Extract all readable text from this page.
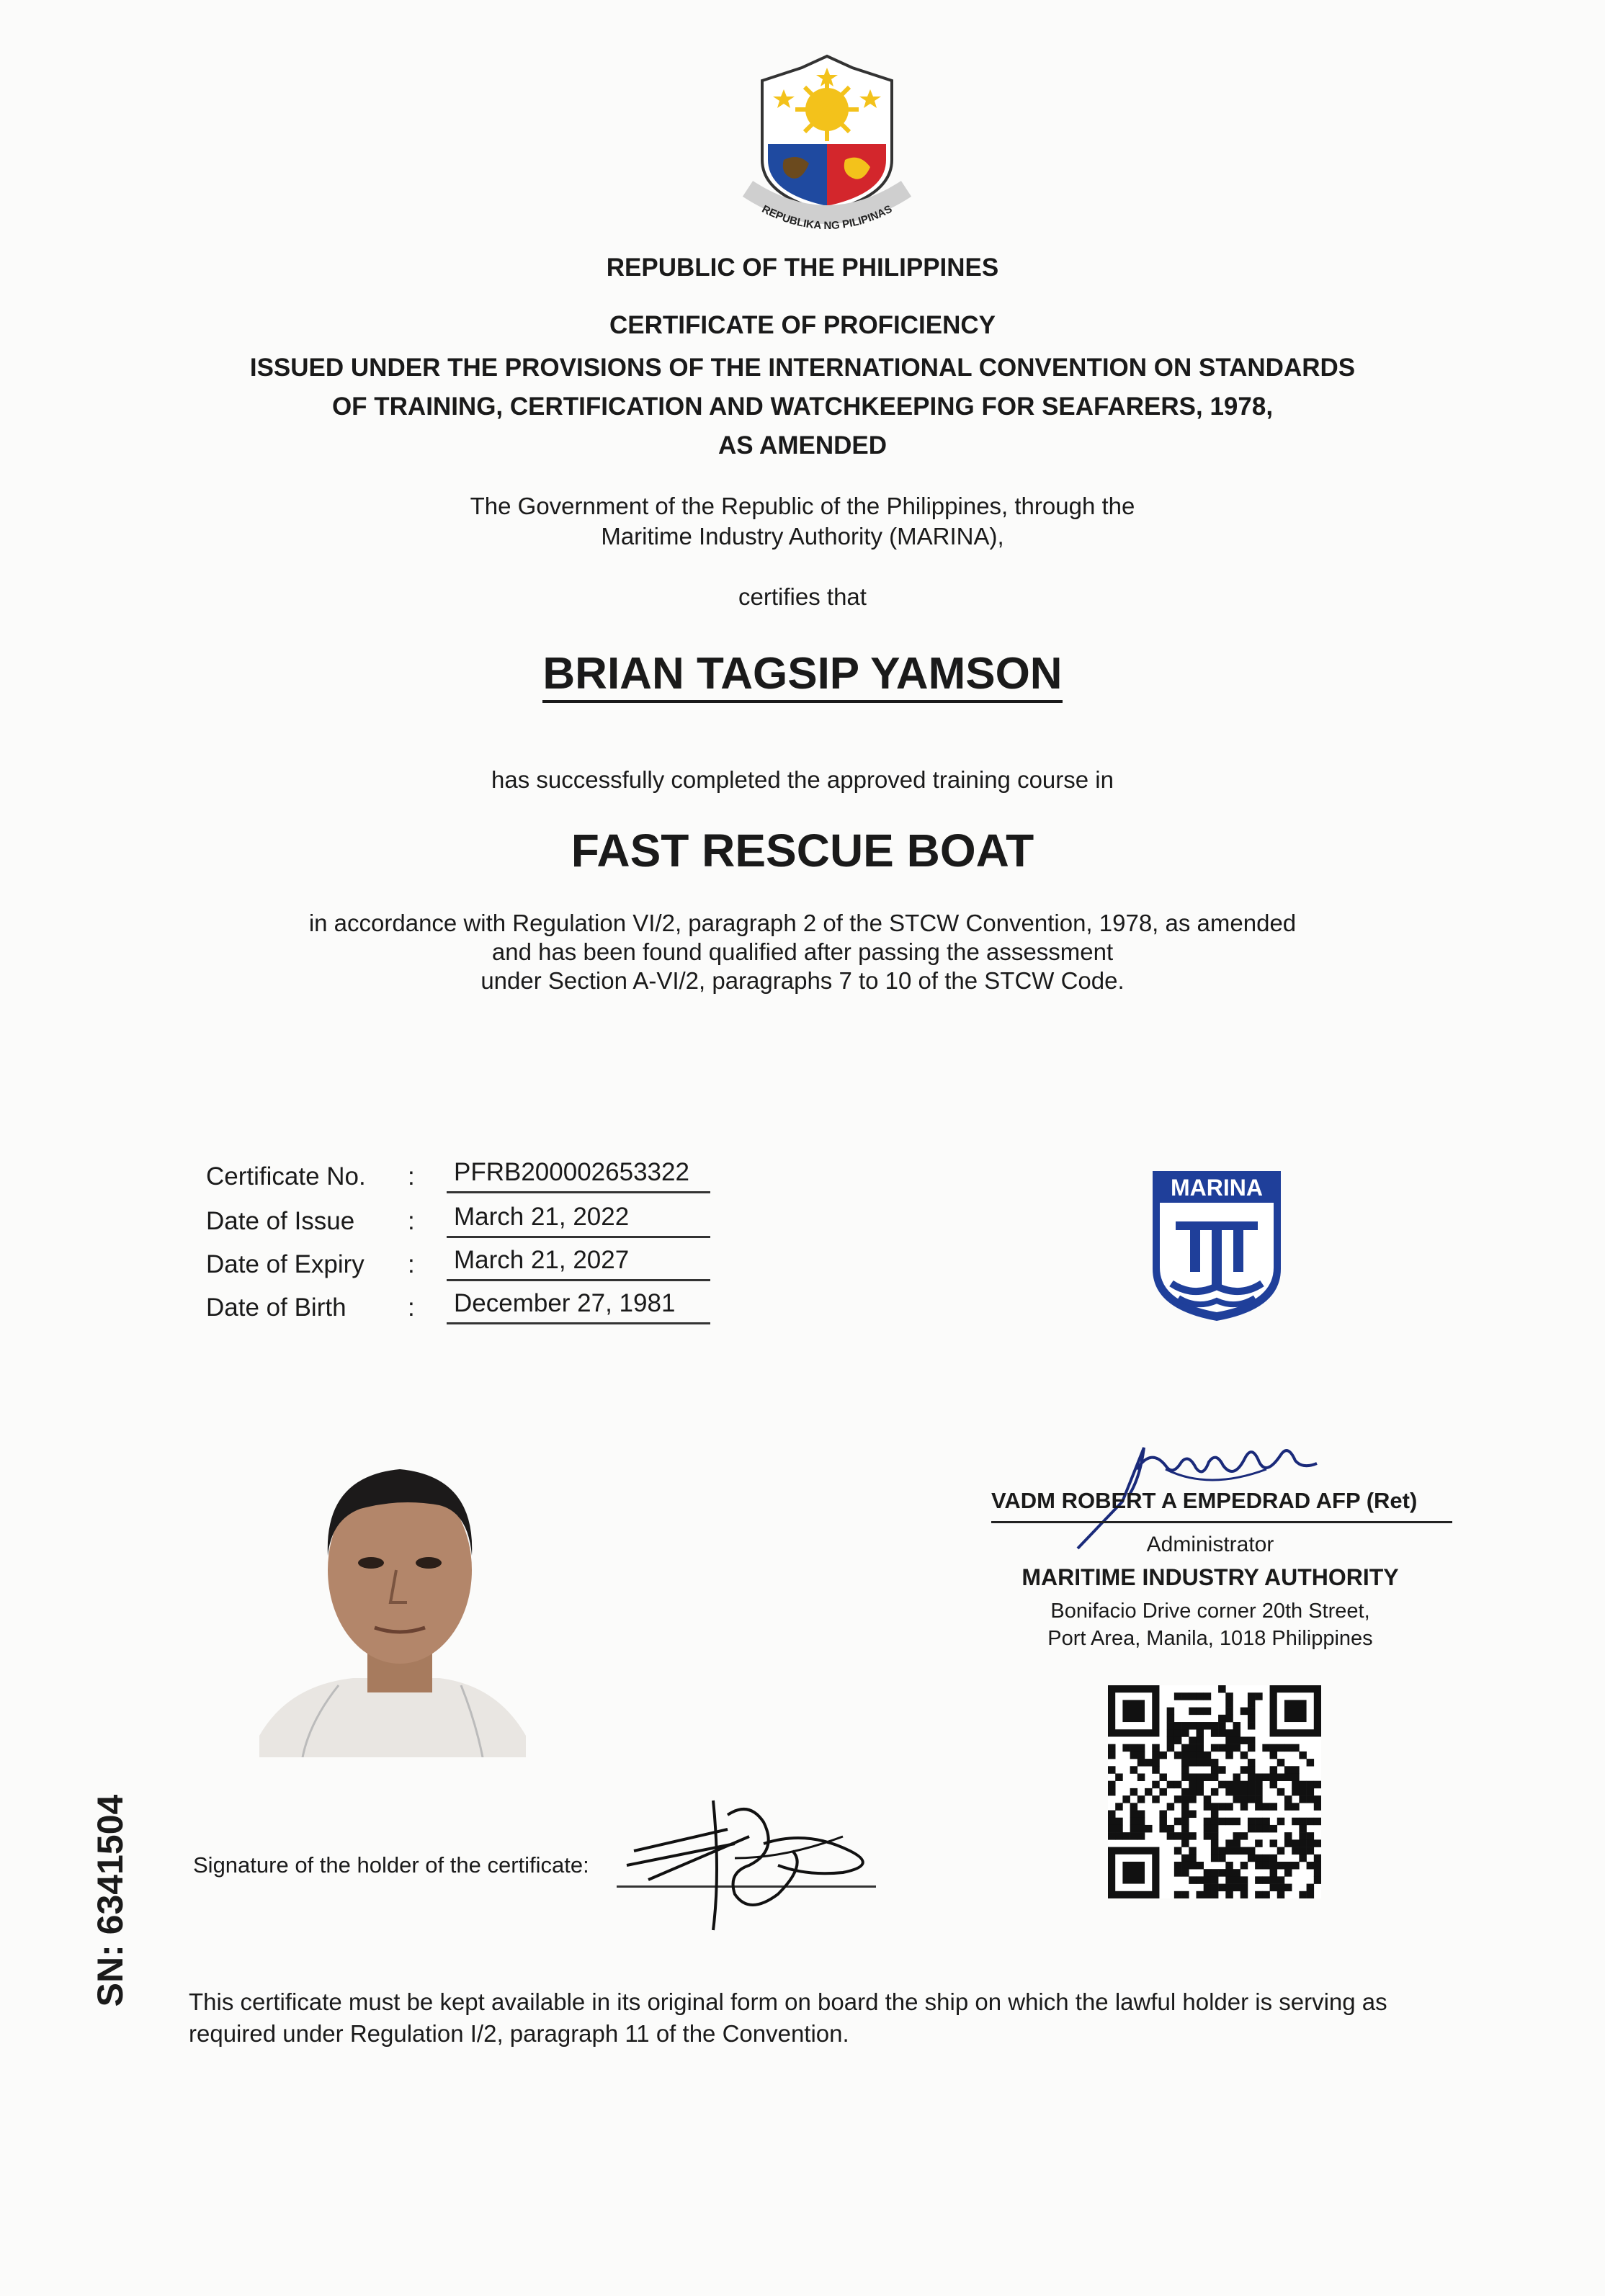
REPUBLIKA NG PILIPINAS
REPUBLIC OF THE PHILIPPINES
CERTIFICATE OF PROFICIENCY
ISSUED UNDER THE PROVISIONS OF THE INTERNATIONAL CONVENTION ON STANDARDS
OF TRAINING, CERTIFICATION AND WATCHKEEPING FOR SEAFARERS, 1978,
AS AMENDED
The Government of the Republic of the Philippines, through the
Maritime Industry Authority (MARINA),
certifies that
BRIAN TAGSIP YAMSON
has successfully completed the approved training course in
FAST RESCUE BOAT
in accordance with Regulation VI/2, paragraph 2 of the STCW Convention, 1978, as amended
and has been found qualified after passing the assessment
under Section A-VI/2, paragraphs 7 to 10 of the STCW Code.
Certificate No. : PFRB200002653322
Date of Issue : March 21, 2022
Date of Expiry : March 21, 2027
Date of Birth : December 27, 1981
MARINA
VADM ROBERT A EMPEDRAD AFP (Ret)
Administrator
MARITIME INDUSTRY AUTHORITY
Bonifacio Drive corner 20th Street,
Port Area, Manila, 1018 Philippines
SN: 6341504	Signature of the holder of the certificate:
This certificate must be kept available in its original form on board the ship on which the lawful holder is serving as required under Regulation I/2, paragraph 11 of the Convention.
